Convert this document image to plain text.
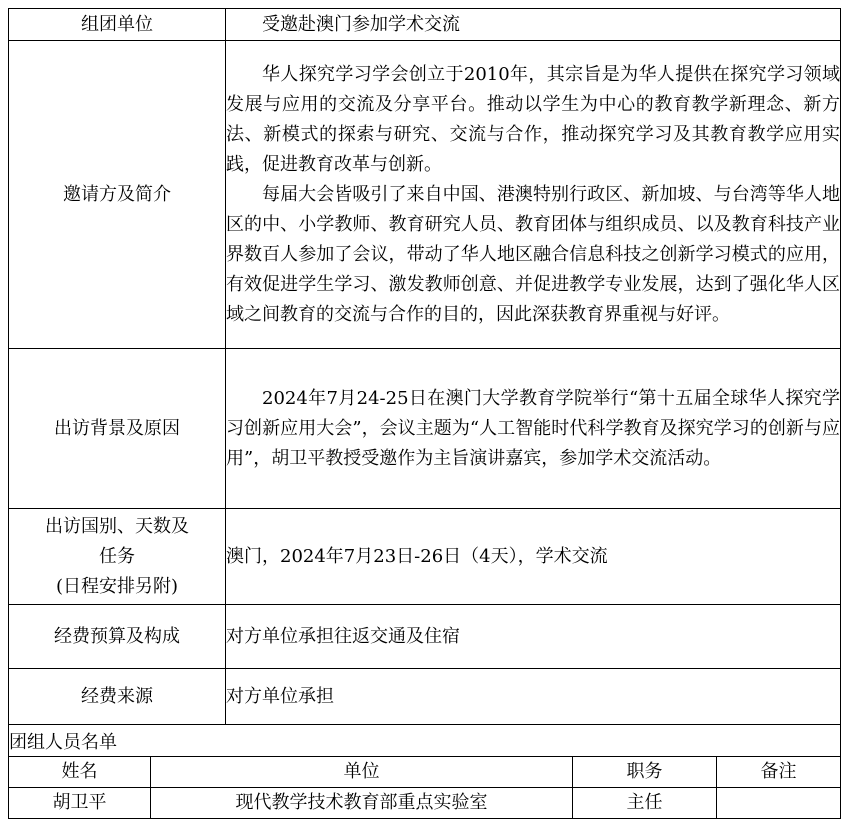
组团单位		受邀赴澳门参加学术交流		

邀请方及简介		华人探究学习学会创立于2010年，其宗旨是为华人提供在探究学习领域发展与应用的交流及分享平台。推动以学生为中心的教育教学新理念、新方法、新模式的探索与研究、交流与合作，推动探究学习及其教育教学应用实践，促进教育改革与创新。

每届大会皆吸引了来自中国、港澳特别行政区、新加坡、与台湾等华人地区的中、小学教师、教育研究人员、教育团体与组织成员、以及教育科技产业界数百人参加了会议，带动了华人地区融合信息科技之创新学习模式的应用，有效促进学生学习、激发教师创意、并促进教学专业发展，达到了强化华人区域之间教育的交流与合作的目的，因此深获教育界重视与好评。		

出访背景及原因		2024年7月24-25日在澳门大学教育学院举行“第十五届全球华人探究学习创新应用大会”，会议主题为“人工智能时代科学教育及探究学习的创新与应用”，胡卫平教授受邀作为主旨演讲嘉宾，参加学术交流活动。		

出访国别、天数及
任务
(日程安排另附)		澳门，2024年7月23日-26日（4天），学术交流		

经费预算及构成		对方单位承担往返交通及住宿		

经费来源		对方单位承担		

团组人员名单				
姓名	单位		职务	备注
胡卫平	现代教学技术教育部重点实验室		主任	
